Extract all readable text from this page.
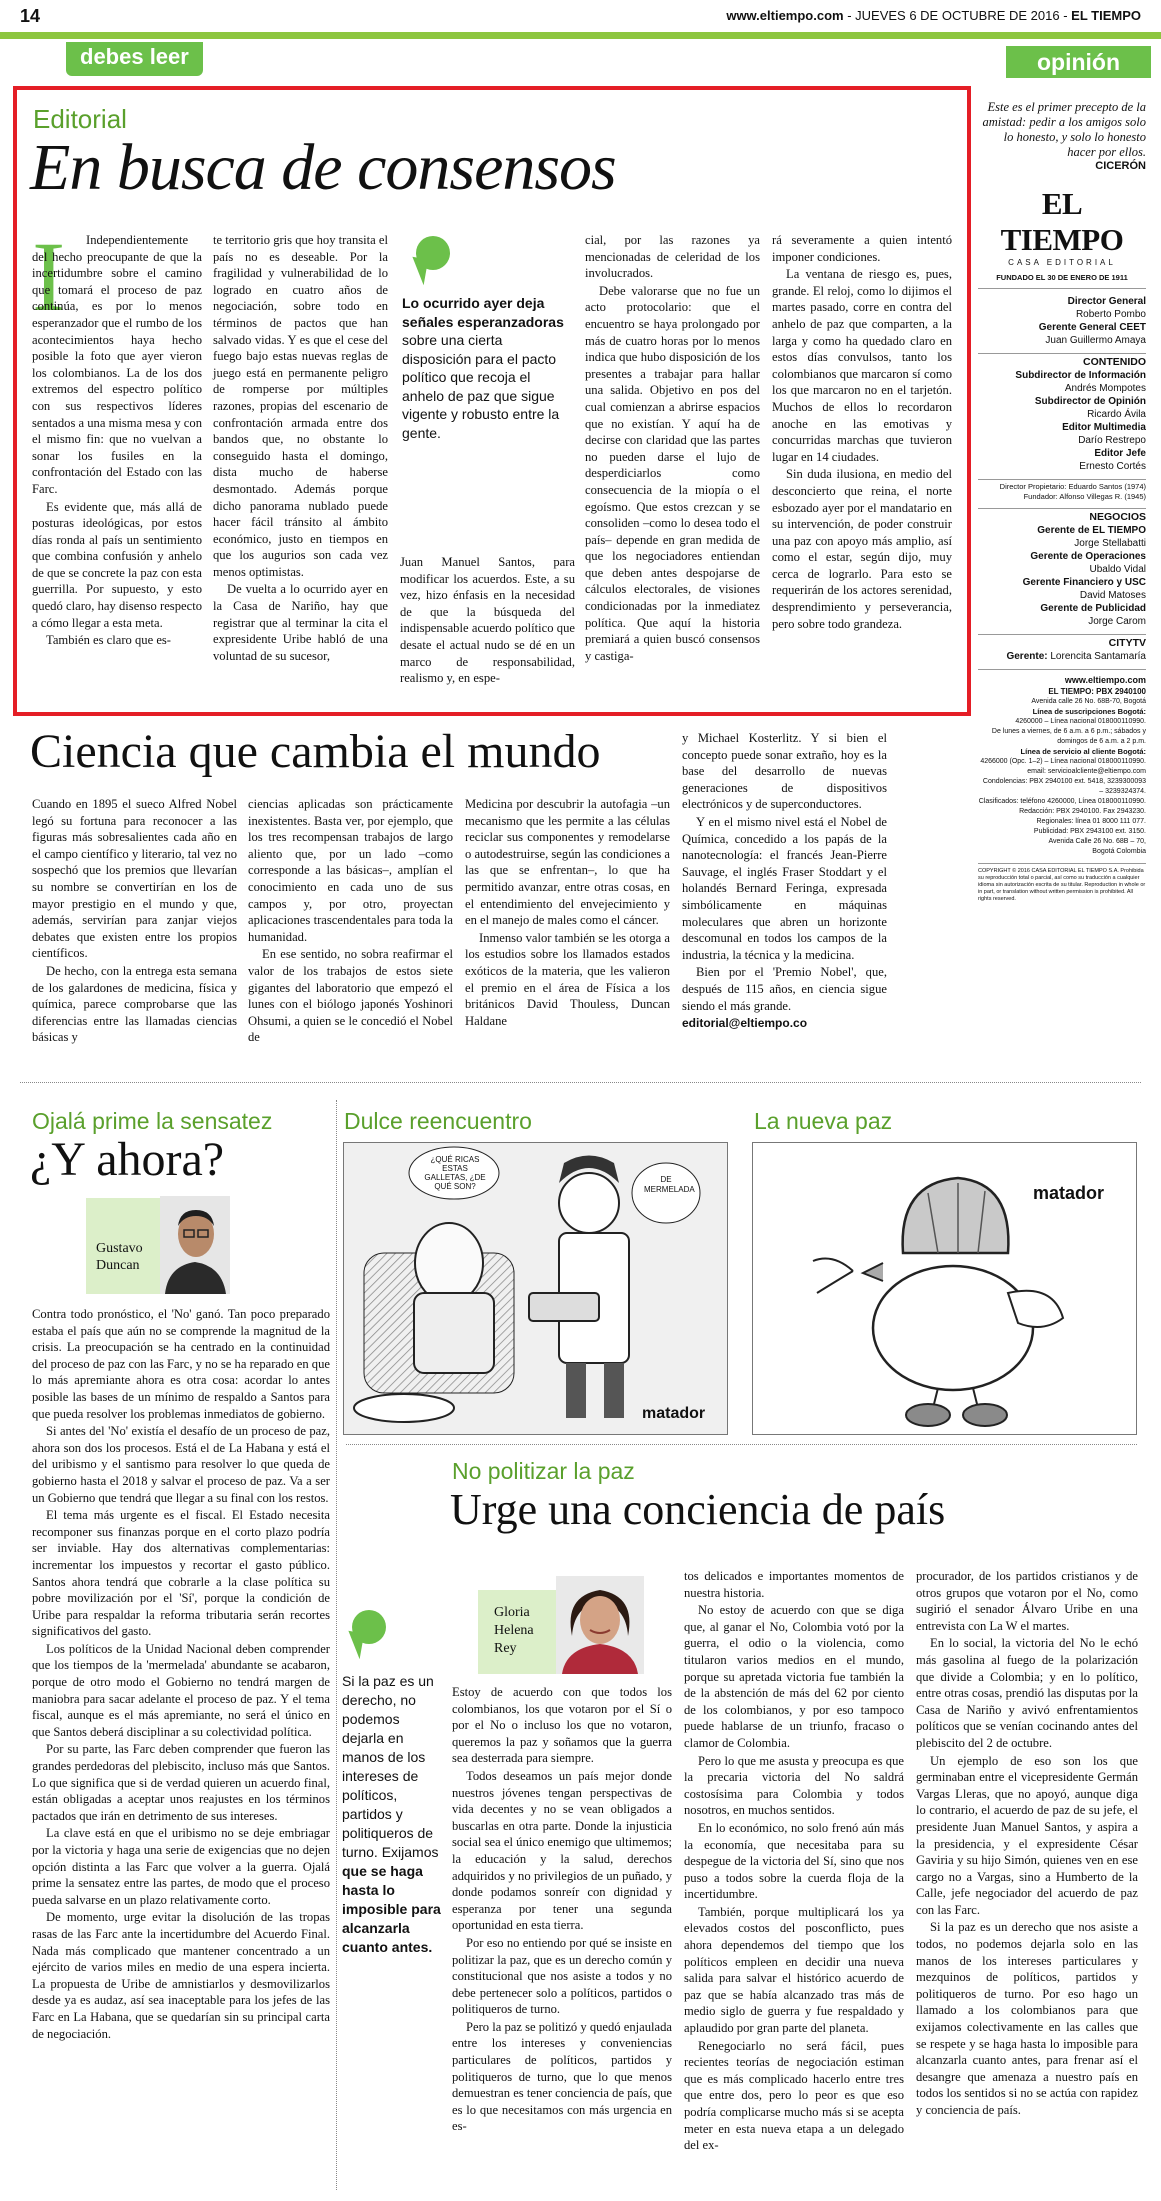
14	www.eltiempo.com - JUEVES 6 DE OCTUBRE DE 2016 - EL TIEMPO
debes leer	opinión
Editorial
En busca de consensos
I	Independientemente del hecho preocupante de que la incertidumbre sobre el camino que tomará el proceso de paz continúa, es por lo menos esperanzador que el rumbo de los acontecimientos haya hecho posible la foto que ayer vieron los colombianos. La de los dos extremos del espectro político con sus respectivos líderes sentados a una misma mesa y con el mismo fin: que no vuelvan a sonar los fusiles en la confrontación del Estado con las Farc.

Es evidente que, más allá de posturas ideológicas, por estos días ronda al país un sentimiento que combina confusión y anhelo de que se concrete la paz con esta guerrilla. Por supuesto, y esto quedó claro, hay disenso respecto a cómo llegar a esta meta.

También es claro que es-

te territorio gris que hoy transita el país no es deseable. Por la fragilidad y vulnerabilidad de lo logrado en cuatro años de negociación, sobre todo en términos de pactos que han salvado vidas. Y es que el cese del fuego bajo estas nuevas reglas de juego está en permanente peligro de romperse por múltiples razones, propias del escenario de confrontación armada entre dos bandos que, no obstante lo conseguido hasta el domingo, dista mucho de haberse desmontado. Además porque dicho panorama nublado puede hacer fácil tránsito al ámbito económico, justo en tiempos en que los augurios son cada vez menos optimistas.

De vuelta a lo ocurrido ayer en la Casa de Nariño, hay que registrar que al terminar la cita el expresidente Uribe habló de una voluntad de su sucesor,

Lo ocurrido ayer deja señales esperanzadoras sobre una cierta disposición para el pacto político que recoja el anhelo de paz que sigue vigente y robusto entre la gente.

Juan Manuel Santos, para modificar los acuerdos. Este, a su vez, hizo énfasis en la necesidad de que la búsqueda del indispensable acuerdo político que desate el actual nudo se dé en un marco de responsabilidad, realismo y, en espe-

cial, por las razones ya mencionadas de celeridad de los involucrados.

Debe valorarse que no fue un acto protocolario: que el encuentro se haya prolongado por más de cuatro horas por lo menos indica que hubo disposición de los presentes a trabajar para hallar una salida. Objetivo en pos del cual comienzan a abrirse espacios que no existían. Y aquí ha de decirse con claridad que las partes no pueden darse el lujo de desperdiciarlos como consecuencia de la miopía o el egoísmo. Que estos crezcan y se consoliden –como lo desea todo el país– depende en gran medida de que los negociadores entiendan que deben antes despojarse de cálculos electorales, de visiones condicionadas por la inmediatez política. Que aquí la historia premiará a quien buscó consensos y castiga-

rá severamente a quien intentó imponer condiciones.

La ventana de riesgo es, pues, grande. El reloj, como lo dijimos el martes pasado, corre en contra del anhelo de paz que comparten, a la larga y como ha quedado claro en estos días convulsos, tanto los colombianos que marcaron sí como los que marcaron no en el tarjetón. Muchos de ellos lo recordaron anoche en las emotivas y concurridas marchas que tuvieron lugar en 14 ciudades.

Sin duda ilusiona, en medio del desconcierto que reina, el norte esbozado ayer por el mandatario en su intervención, de poder construir una paz con apoyo más amplio, así como el estar, según dijo, muy cerca de lograrlo. Para esto se requerirán de los actores serenidad, desprendimiento y perseverancia, pero sobre todo grandeza.

Este es el primer precepto de la amistad: pedir a los amigos solo lo honesto, y solo lo honesto hacer por ellos.
CICERÓN
EL TIEMPO
CASA EDITORIAL
FUNDADO EL 30 DE ENERO DE 1911

Director General

Roberto Pombo

Gerente General CEET

Juan Guillermo Amaya

CONTENIDO

Subdirector de Información

Andrés Mompotes

Subdirector de Opinión

Ricardo Ávila

Editor Multimedia

Darío Restrepo

Editor Jefe

Ernesto Cortés

Director Propietario: Eduardo Santos (1974)

Fundador: Alfonso Villegas R. (1945)

NEGOCIOS

Gerente de EL TIEMPO

Jorge Stellabatti

Gerente de Operaciones

Ubaldo Vidal

Gerente Financiero y USC

David Matoses

Gerente de Publicidad

Jorge Carom

CITYTV

Gerente: Lorencita Santamaría

www.eltiempo.com

EL TIEMPO: PBX 2940100

Avenida calle 26 No. 68B-70, Bogotá

Línea de suscripciones Bogotá:

4260000 – Línea nacional 018000110990.

De lunes a viernes, de 6 a.m. a 6 p.m.; sábados y domingos de 6 a.m. a 2 p.m.

Línea de servicio al cliente Bogotá:

4266000 (Opc. 1–2) – Línea nacional 018000110990.

email: servicioalcliente@eltiempo.com

Condolencias: PBX 2940100 ext. 5418, 3239300093 – 3239324374.

Clasificados: teléfono 4260000, Línea 018000110990.

Redacción: PBX 2940100. Fax 2943230.

Regionales: línea 01 8000 111 077.

Publicidad: PBX 2943100 ext. 3150.

Avenida Calle 26 No. 68B – 70,

Bogotá Colombia

COPYRIGHT © 2016 CASA EDITORIAL EL TIEMPO S.A. Prohibida su reproducción total o parcial, así como su traducción a cualquier idioma sin autorización escrita de su titular. Reproduction in whole or in part, or translation without written permission is prohibited. All rights reserved.
Ciencia que cambia el mundo

Cuando en 1895 el sueco Alfred Nobel legó su fortuna para reconocer a las figuras más sobresalientes cada año en el campo científico y literario, tal vez no sospechó que los premios que llevarían su nombre se convertirían en los de mayor prestigio en el mundo y que, además, servirían para zanjar viejos debates que existen entre los propios científicos.

De hecho, con la entrega esta semana de los galardones de medicina, física y química, parece comprobarse que las diferencias entre las llamadas ciencias básicas y

ciencias aplicadas son prácticamente inexistentes. Basta ver, por ejemplo, que los tres recompensan trabajos de largo aliento que, por un lado –como corresponde a las básicas–, amplían el conocimiento en cada uno de sus campos y, por otro, proyectan aplicaciones trascendentales para toda la humanidad.

En ese sentido, no sobra reafirmar el valor de los trabajos de estos siete gigantes del laboratorio que empezó el lunes con el biólogo japonés Yoshinori Ohsumi, a quien se le concedió el Nobel de

Medicina por descubrir la autofagia –un mecanismo que les permite a las células reciclar sus componentes y remodelarse o autodestruirse, según las condiciones a las que se enfrentan–, lo que ha permitido avanzar, entre otras cosas, en el entendimiento del envejecimiento y en el manejo de males como el cáncer.

Inmenso valor también se les otorga a los estudios sobre los llamados estados exóticos de la materia, que les valieron el premio en el área de Física a los británicos David Thouless, Duncan Haldane

y Michael Kosterlitz. Y si bien el concepto puede sonar extraño, hoy es la base del desarrollo de nuevas generaciones de dispositivos electrónicos y de superconductores.

Y en el mismo nivel está el Nobel de Química, concedido a los papás de la nanotecnología: el francés Jean-Pierre Sauvage, el inglés Fraser Stoddart y el holandés Bernard Feringa, expresada simbólicamente en máquinas moleculares que abren un horizonte descomunal en todos los campos de la industria, la técnica y la medicina.

Bien por el 'Premio Nobel', que, después de 115 años, en ciencia sigue siendo el más grande.

editorial@eltiempo.co

Ojalá prime la sensatez
¿Y ahora?
Gustavo
Duncan

Contra todo pronóstico, el 'No' ganó. Tan poco preparado estaba el país que aún no se comprende la magnitud de la crisis. La preocupación se ha centrado en la continuidad del proceso de paz con las Farc, y no se ha reparado en que lo más apremiante ahora es otra cosa: acordar lo antes posible las bases de un mínimo de respaldo a Santos para que pueda resolver los problemas inmediatos de gobierno.

Si antes del 'No' existía el desafío de un proceso de paz, ahora son dos los procesos. Está el de La Habana y está el del uribismo y el santismo para resolver lo que queda de gobierno hasta el 2018 y salvar el proceso de paz. Va a ser un Gobierno que tendrá que llegar a su final con los restos.

El tema más urgente es el fiscal. El Estado necesita recomponer sus finanzas porque en el corto plazo podría ser inviable. Hay dos alternativas complementarias: incrementar los impuestos y recortar el gasto público. Santos ahora tendrá que cobrarle a la clase política su pobre movilización por el 'Sí', porque la condición de Uribe para respaldar la reforma tributaria serán recortes significativos del gasto.

Los políticos de la Unidad Nacional deben comprender que los tiempos de la 'mermelada' abundante se acabaron, porque de otro modo el Gobierno no tendrá margen de maniobra para sacar adelante el proceso de paz. Y el tema fiscal, aunque es el más apremiante, no será el único en que Santos deberá disciplinar a su colectividad política.

Por su parte, las Farc deben comprender que fueron las grandes perdedoras del plebiscito, incluso más que Santos. Lo que significa que si de verdad quieren un acuerdo final, están obligadas a aceptar unos reajustes en los términos pactados que irán en detrimento de sus intereses.

La clave está en que el uribismo no se deje embriagar por la victoria y haga una serie de exigencias que no dejen opción distinta a las Farc que volver a la guerra. Ojalá prime la sensatez entre las partes, de modo que el proceso pueda salvarse en un plazo relativamente corto.

De momento, urge evitar la disolución de las tropas rasas de las Farc ante la incertidumbre del Acuerdo Final. Nada más complicado que mantener concentrado a un ejército de varios miles en medio de una espera incierta. La propuesta de Uribe de amnistiarlos y desmovilizarlos desde ya es audaz, así sea inaceptable para los jefes de las Farc en La Habana, que se quedarían sin su principal carta de negociación.

Dulce reencuentro
¿QUÉ RICAS ESTAS GALLETAS, ¿DE QUÉ SON?
DE MERMELADA
matador
La nueva paz
matador
No politizar la paz
Urge una conciencia de país
Gloria
Helena
Rey
Si la paz es un derecho, no podemos dejarla en manos de los intereses de políticos, partidos y politiqueros de turno. Exijamos que se haga hasta lo imposible para alcanzarla cuanto antes.

Estoy de acuerdo con que todos los colombianos, los que votaron por el Sí o por el No o incluso los que no votaron, queremos la paz y soñamos que la guerra sea desterrada para siempre.

Todos deseamos un país mejor donde nuestros jóvenes tengan perspectivas de vida decentes y no se vean obligados a buscarlas en otra parte. Donde la injusticia social sea el único enemigo que ultimemos; la educación y la salud, derechos adquiridos y no privilegios de un puñado, y donde podamos sonreír con dignidad y esperanza por tener una segunda oportunidad en esta tierra.

Por eso no entiendo por qué se insiste en politizar la paz, que es un derecho común y constitucional que nos asiste a todos y no debe pertenecer solo a políticos, partidos o politiqueros de turno.

Pero la paz se politizó y quedó enjaulada entre los intereses y conveniencias particulares de políticos, partidos y politiqueros de turno, que lo que menos demuestran es tener conciencia de país, que es lo que necesitamos con más urgencia en es-

tos delicados e importantes momentos de nuestra historia.

No estoy de acuerdo con que se diga que, al ganar el No, Colombia votó por la guerra, el odio o la violencia, como titularon varios medios en el mundo, porque su apretada victoria fue también la de la abstención de más del 62 por ciento de los colombianos, y por eso tampoco puede hablarse de un triunfo, fracaso o clamor de Colombia.

Pero lo que me asusta y preocupa es que la precaria victoria del No saldrá costosísima para Colombia y todos nosotros, en muchos sentidos.

En lo económico, no solo frenó aún más la economía, que necesitaba para su despegue de la victoria del Sí, sino que nos puso a todos sobre la cuerda floja de la incertidumbre.

También, porque multiplicará los ya elevados costos del posconflicto, pues ahora dependemos del tiempo que los políticos empleen en decidir una nueva salida para salvar el histórico acuerdo de paz que se había alcanzado tras más de medio siglo de guerra y fue respaldado y aplaudido por gran parte del planeta.

Renegociarlo no será fácil, pues recientes teorías de negociación estiman que es más complicado hacerlo entre tres que entre dos, pero lo peor es que eso podría complicarse mucho más si se acepta meter en esta nueva etapa a un delegado del ex-

procurador, de los partidos cristianos y de otros grupos que votaron por el No, como sugirió el senador Álvaro Uribe en una entrevista con La W el martes.

En lo social, la victoria del No le echó más gasolina al fuego de la polarización que divide a Colombia; y en lo político, entre otras cosas, prendió las disputas por la Casa de Nariño y avivó enfrentamientos políticos que se venían cocinando antes del plebiscito del 2 de octubre.

Un ejemplo de eso son los que germinaban entre el vicepresidente Germán Vargas Lleras, que no apoyó, aunque diga lo contrario, el acuerdo de paz de su jefe, el presidente Juan Manuel Santos, y aspira a la presidencia, y el expresidente César Gaviria y su hijo Simón, quienes ven en ese cargo no a Vargas, sino a Humberto de la Calle, jefe negociador del acuerdo de paz con las Farc.

Si la paz es un derecho que nos asiste a todos, no podemos dejarla solo en las manos de los intereses particulares y mezquinos de políticos, partidos y politiqueros de turno. Por eso hago un llamado a los colombianos para que exijamos colectivamente en las calles que se respete y se haga hasta lo imposible para alcanzarla cuanto antes, para frenar así el desangre que amenaza a nuestro país en todos los sentidos si no se actúa con rapidez y conciencia de país.
